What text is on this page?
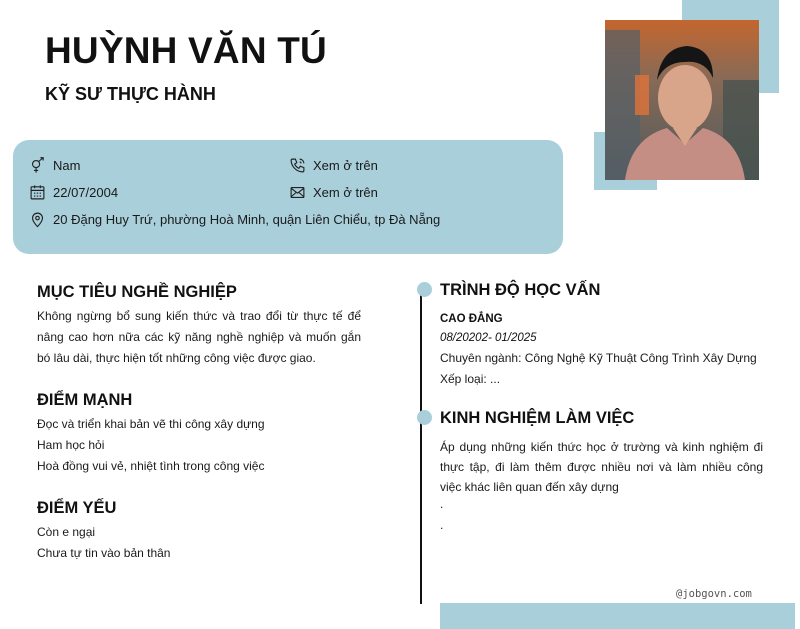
HUỲNH VĂN TÚ
KỸ SƯ THỰC HÀNH
Nam	Xem ở trên
22/07/2004	Xem ở trên
20 Đặng Huy Trứ, phường Hoà Minh, quận Liên Chiểu, tp Đà Nẵng
MỤC TIÊU NGHỀ NGHIỆP
Không ngừng bổ sung kiến thức và trao đổi từ thực tế để nâng cao hơn nữa các kỹ năng nghề nghiệp và muốn gắn bó lâu dài, thực hiện tốt những công việc được giao.
ĐIỂM MẠNH
Đọc và triển khai bản vẽ thi công xây dựng
Ham học hỏi
Hoà đồng vui vẻ, nhiệt tình trong công việc
ĐIỂM YẾU
Còn e ngại
Chưa tự tin vào bản thân
TRÌNH ĐỘ HỌC VẤN
CAO ĐẲNG
08/20202- 01/2025
Chuyên ngành: Công Nghệ Kỹ Thuật Công Trình Xây Dựng
Xếp loại: ...
KINH NGHIỆM LÀM VIỆC
Áp dụng những kiến thức học ở trường và kinh nghiệm đi thực tập, đi làm thêm được nhiều nơi và làm nhiều công việc khác liên quan đến xây dựng
.
.
@jobgovn.com
